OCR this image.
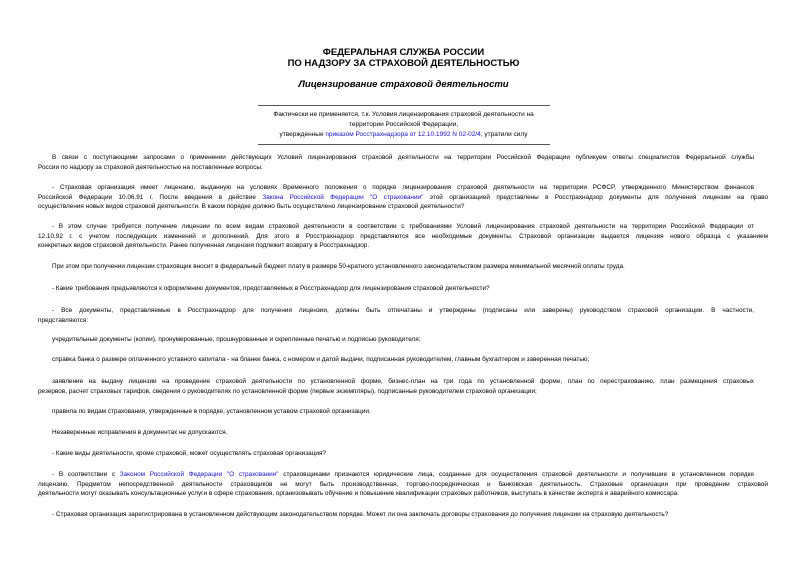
ФЕДЕРАЛЬНАЯ СЛУЖБА РОССИИ
ПО НАДЗОРУ ЗА СТРАХОВОЙ ДЕЯТЕЛЬНОСТЬЮ
Лицензирование страховой деятельности
Фактически не применяется, т.к. Условия лицензирования страховой деятельности на
территории Российской Федерации,
утвержденные приказом Росстрахнадзора от 12.10.1992 N 02-02/4, утратили силу
В связи с поступающими запросами о применении действующих Условий лицензирования страховой деятельности на территории Российской Федерации публикуем ответы специалистов Федеральной службы
России по надзору за страховой деятельностью на поставленные вопросы.
- Страховая организация имеет лицензию, выданную на условиях Временного положения о порядке лицензирования страховой деятельности на территории РСФСР, утвержденного Министерством финансов
Российской Федерации 10.06.91 г. После введения в действие Закона Российской Федерации "О страховании" этой организацией представлены в Росстрахнадзор документы для получения лицензии на право
осуществления новых видов страховой деятельности. В каком порядке должно быть осуществлено лицензирование страховой деятельности?
- В этом случае требуется получение лицензии по всем видам страховой деятельности в соответствии с требованиями Условий лицензирования страховой деятельности на территории Российской Федерации от
12.10.92 г. с учетом последующих изменений и дополнений. Для этого в Росстрахнадзор представляются все необходимые документы. Страховой организации выдается лицензия нового образца с указанием
конкретных видов страховой деятельности. Ранее полученная лицензия подлежит возврату в Росстрахнадзор.
При этом при получении лицензии страховщик вносит в федеральный бюджет плату в размере 50-кратного установленного законодательством размера минимальной месячной оплаты труда.
- Какие требования предъявляются к оформлению документов, представляемых в Росстрахнадзор для лицензирования страховой деятельности?
- Все документы, представляемые в Росстрахнадзор для получения лицензии, должны быть отпечатаны и утверждены (подписаны или заверены) руководством страховой организации. В частности,
представляются:
учредительные документы (копии), пронумерованные, прошнурованные и скрепленные печатью и подписью руководителя;
справка банка о размере оплаченного уставного капитала - на бланке банка, с номером и датой выдачи, подписанная руководителем, главным бухгалтером и заверенная печатью;
заявление на выдачу лицензии на проведение страховой деятельности по установленной форме, бизнес-план на три года по установленной форме, план по перестрахованию, план размещения страховых
резервов, расчет страховых тарифов, сведения о руководителях по установленной форме (первые экземпляры), подписанные руководителем страховой организации;
правила по видам страхования, утвержденные в порядке, установленном уставом страховой организации.
Незаверенные исправления в документах не допускаются.
- Какие виды деятельности, кроме страховой, может осуществлять страховая организация?
- В соответствии с Законом Российской Федерации "О страховании" страховщиками признаются юридические лица, созданные для осуществления страховой деятельности и получившие в установленном порядке
лицензию. Предметом непосредственной деятельности страховщиков не могут быть производственная, торгово-посредническая и банковская деятельность. Страховые организации при проведении страховой
деятельности могут оказывать консультационные услуги в сфере страхования, организовывать обучение и повышение квалификации страховых работников, выступать в качестве эксперта и аварийного комиссара.
- Страховая организация зарегистрирована в установленном действующим законодательством порядке. Может ли она заключать договоры страхования до получения лицензии на страховую деятельность?
